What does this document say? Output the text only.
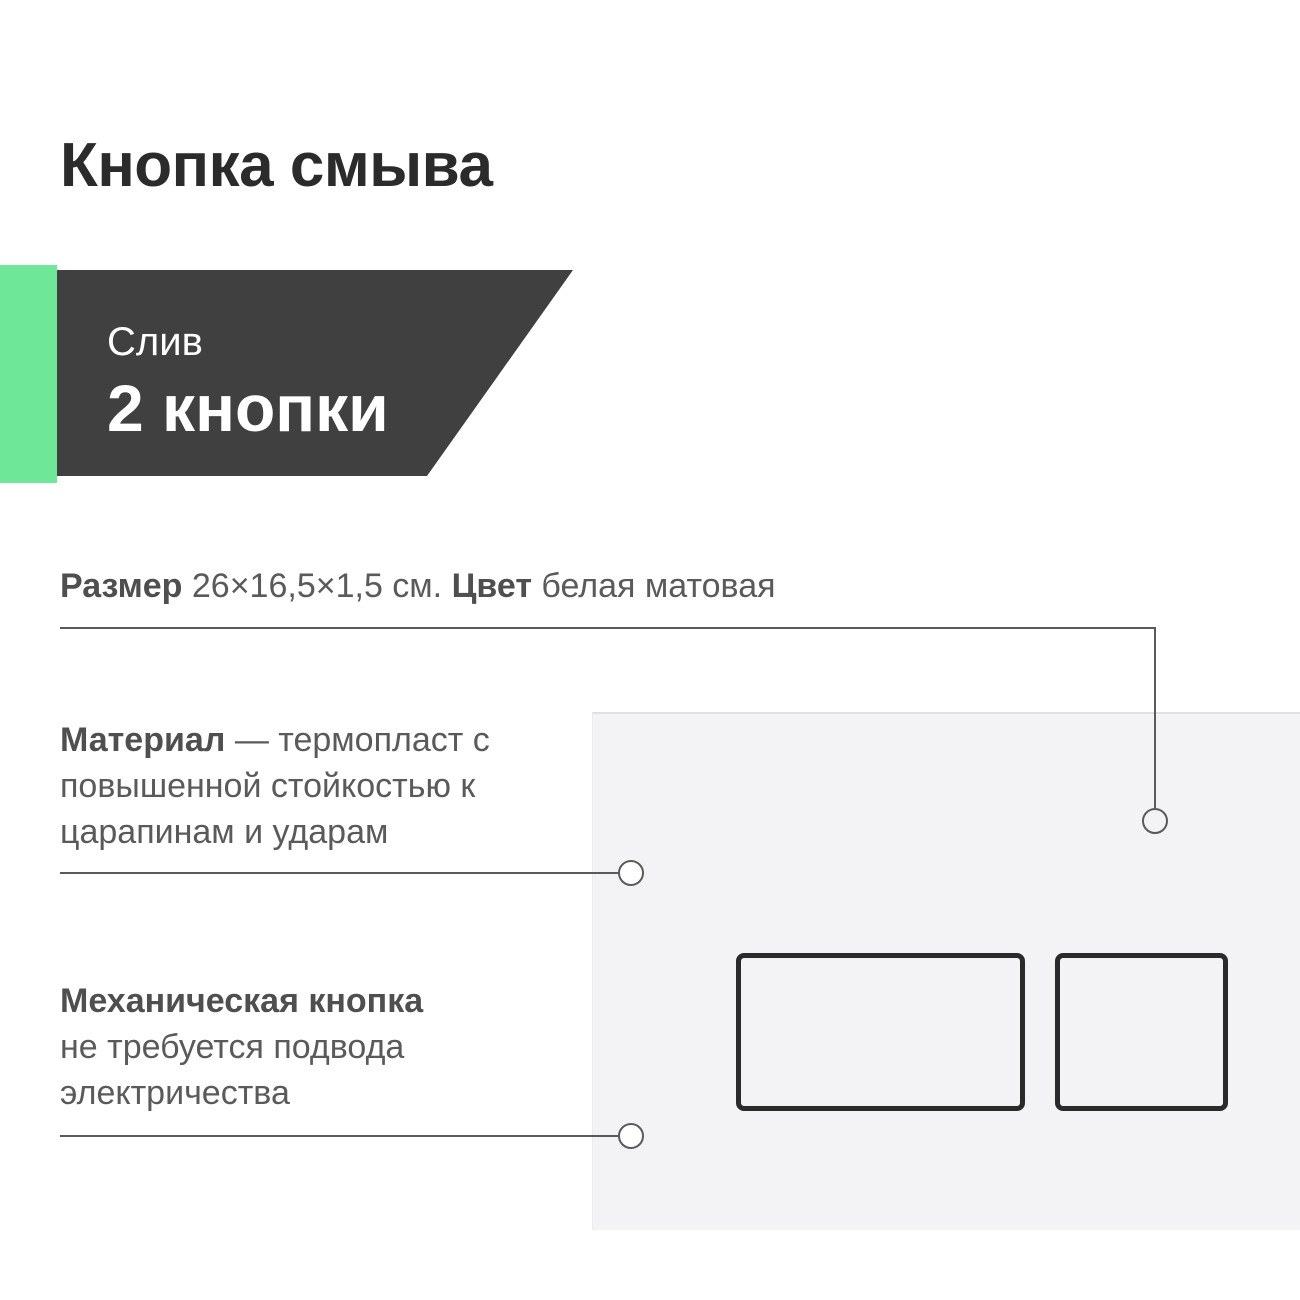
Кнопка смыва
Слив
2 кнопки
Размер 26×16,5×1,5 см. Цвет белая матовая
Материал — термопласт с повышенной стойкостью к царапинам и ударам
Механическая кнопка
не требуется подвода электричества
